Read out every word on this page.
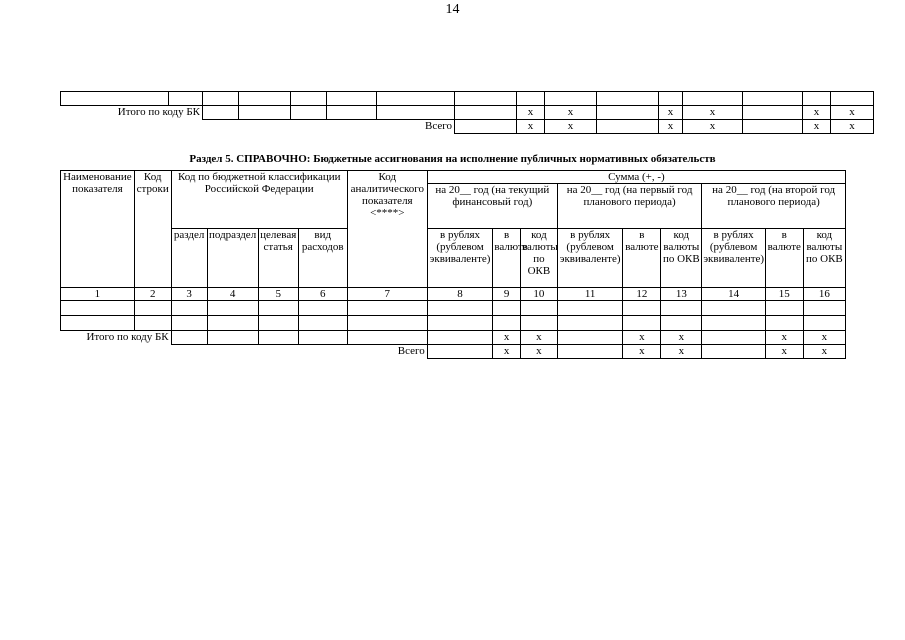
14

Итого по коду БК								x	x		x	x		x	x
Всего								x	x		x	x		x	x
Раздел 5. СПРАВОЧНО: Бюджетные ассигнования на исполнение публичных нормативных обязательств
Наименование показателя	Код строки	Код по бюджетной классификации Российской Федерации				Код аналитического показателя <****>	Сумма (+, -)								
							на 20__ год (на текущий финансовый год)			на 20__ год (на первый год планового периода)			на 20__ год (на второй год планового периода)		
		раздел	подраздел	целевая статья	вид расходов		в рублях (рублевом эквиваленте)	в валюте	код валюты по ОКВ	в рублях (рублевом эквиваленте)	в валюте	код валюты по ОКВ	в рублях (рублевом эквиваленте)	в валюте	код валюты по ОКВ
1	2	3	4	5	6	7	8	9	10	11	12	13	14	15	16

Итого по коду БК								x	x		x	x		x	x
Всего								x	x		x	x		x	x
